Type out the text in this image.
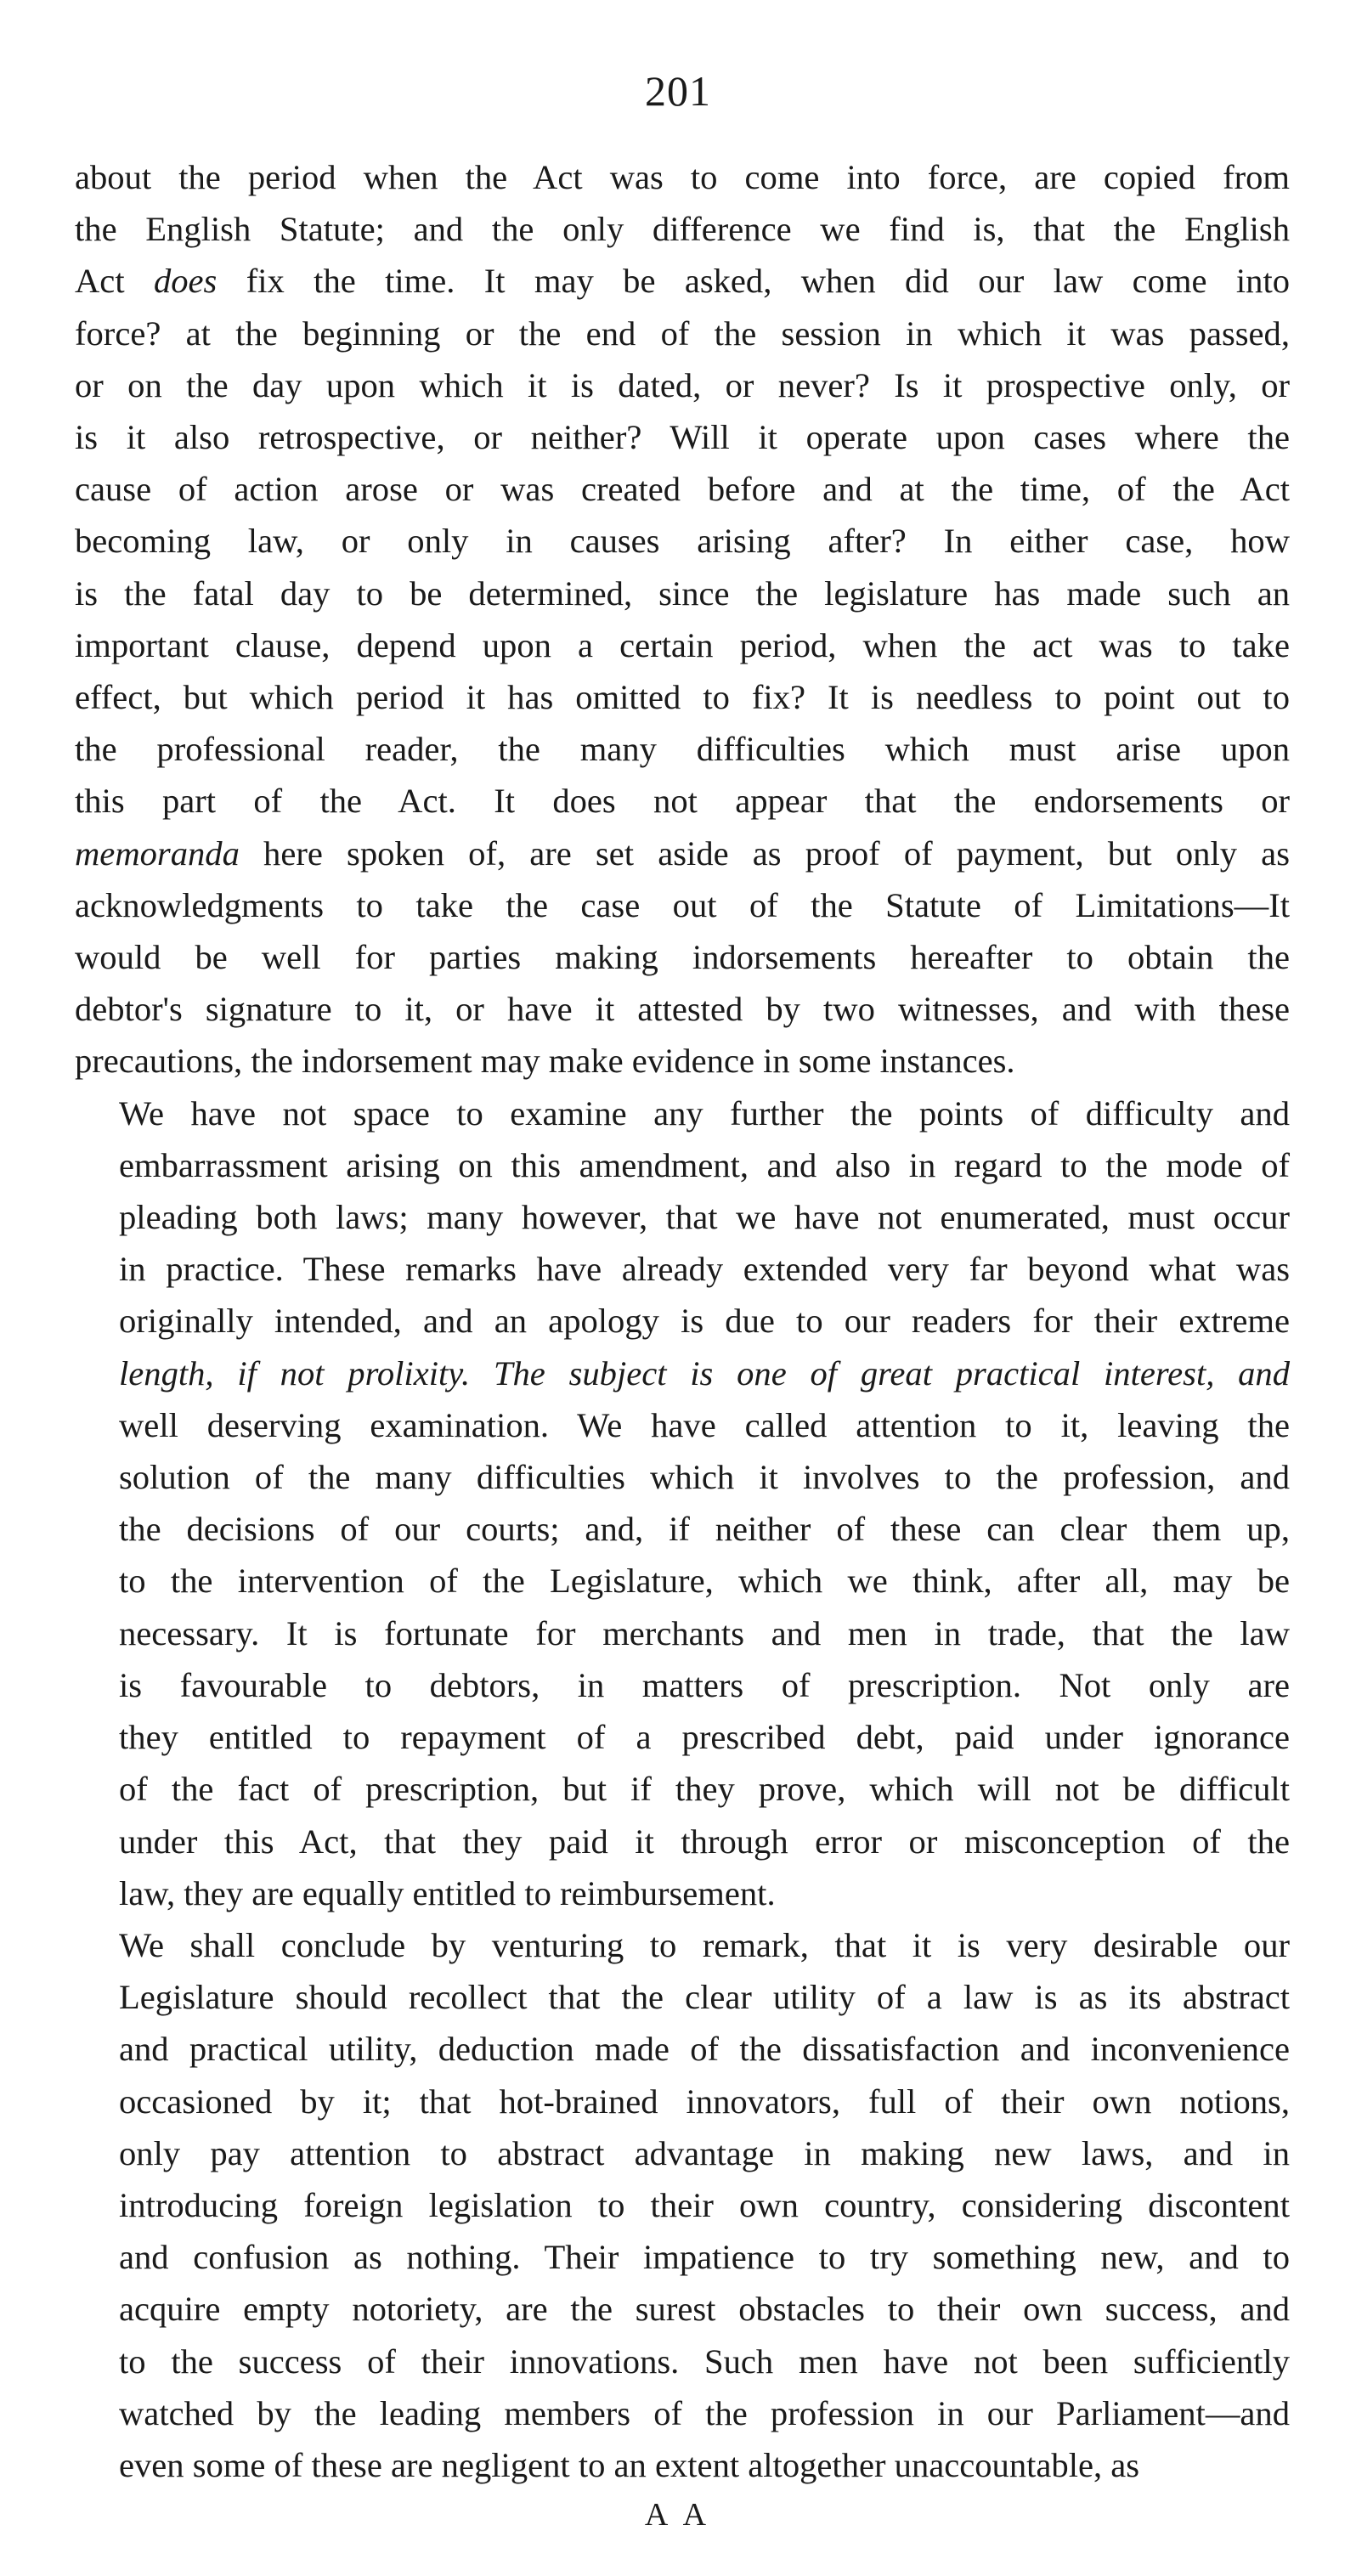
201

about the period when the Act was to come into force, are copied from
the English Statute; and the only difference we find is, that the English
Act does fix the time. It may be asked, when did our law come into
force? at the beginning or the end of the session in which it was passed,
or on the day upon which it is dated, or never? Is it prospective only, or
is it also retrospective, or neither? Will it operate upon cases where the
cause of action arose or was created before and at the time, of the Act
becoming law, or only in causes arising after? In either case, how
is the fatal day to be determined, since the legislature has made such an
important clause, depend upon a certain period, when the act was to take
effect, but which period it has omitted to fix? It is needless to point out to
the professional reader, the many difficulties which must arise upon
this part of the Act. It does not appear that the endorsements or
memoranda here spoken of, are set aside as proof of payment, but only as
acknowledgments to take the case out of the Statute of Limitations—It
would be well for parties making indorsements hereafter to obtain the
debtor's signature to it, or have it attested by two witnesses, and with these
precautions, the indorsement may make evidence in some instances.

We have not space to examine any further the points of difficulty and
embarrassment arising on this amendment, and also in regard to the mode of
pleading both laws; many however, that we have not enumerated, must occur
in practice. These remarks have already extended very far beyond what was
originally intended, and an apology is due to our readers for their extreme
length, if not prolixity. The subject is one of great practical interest, and
well deserving examination. We have called attention to it, leaving the
solution of the many difficulties which it involves to the profession, and
the decisions of our courts; and, if neither of these can clear them up,
to the intervention of the Legislature, which we think, after all, may be
necessary. It is fortunate for merchants and men in trade, that the law
is favourable to debtors, in matters of prescription. Not only are
they entitled to repayment of a prescribed debt, paid under ignorance
of the fact of prescription, but if they prove, which will not be difficult
under this Act, that they paid it through error or misconception of the
law, they are equally entitled to reimbursement.

We shall conclude by venturing to remark, that it is very desirable our
Legislature should recollect that the clear utility of a law is as its abstract
and practical utility, deduction made of the dissatisfaction and inconvenience
occasioned by it; that hot-brained innovators, full of their own notions,
only pay attention to abstract advantage in making new laws, and in
introducing foreign legislation to their own country, considering discontent
and confusion as nothing. Their impatience to try something new, and to
acquire empty notoriety, are the surest obstacles to their own success, and
to the success of their innovations. Such men have not been sufficiently
watched by the leading members of the profession in our Parliament—and
even some of these are negligent to an extent altogether unaccountable, as

A A
